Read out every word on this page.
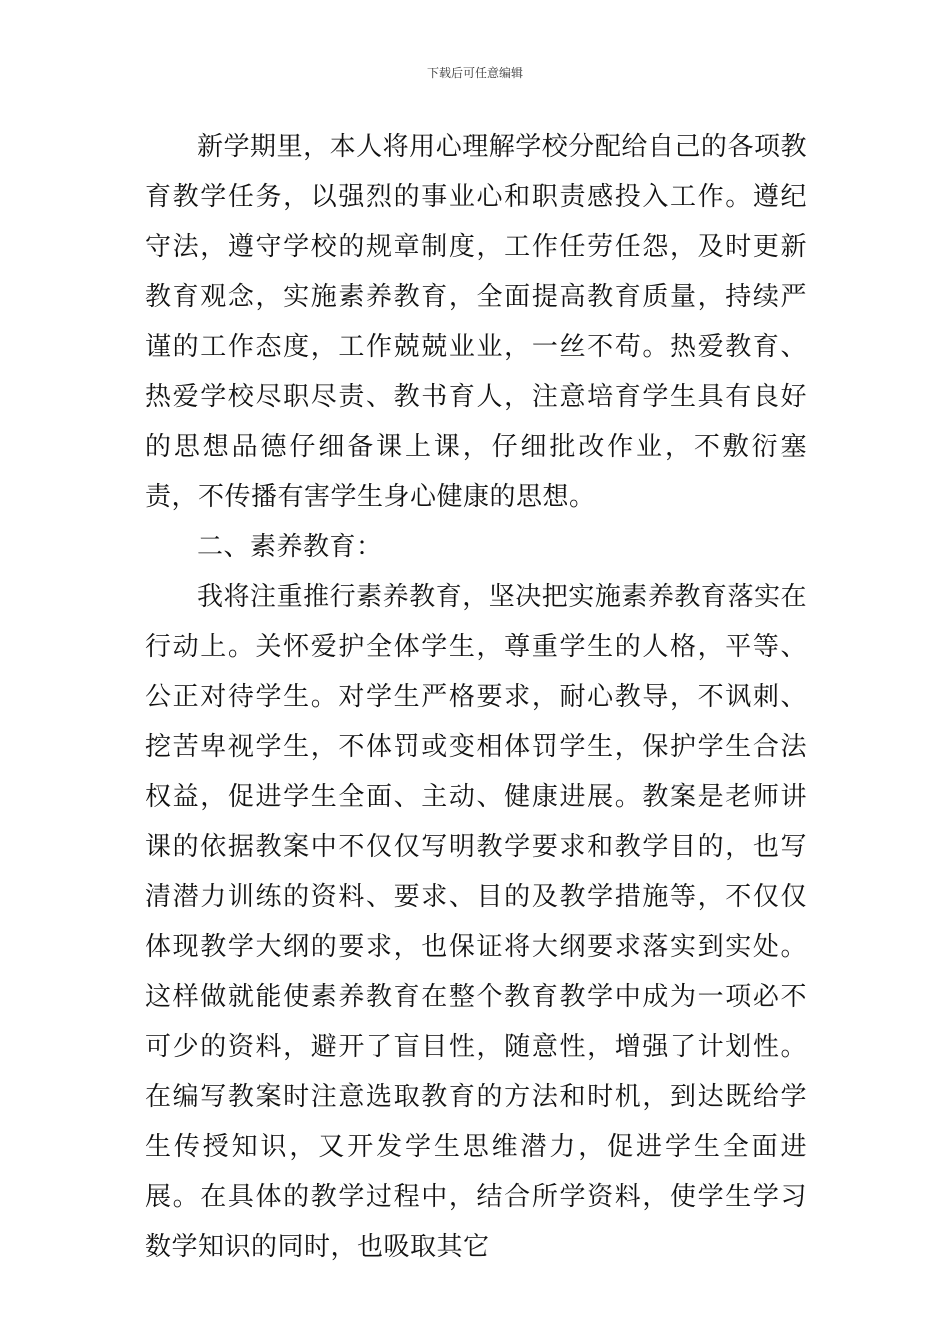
下载后可任意编辑

新学期里，本人将用心理解学校分配给自己的各项教育教学任务，以强烈的事业心和职责感投入工作。遵纪守法，遵守学校的规章制度，工作任劳任怨，及时更新教育观念，实施素养教育，全面提高教育质量，持续严谨的工作态度，工作兢兢业业，一丝不苟。热爱教育、热爱学校尽职尽责、教书育人，注意培育学生具有良好的思想品德仔细备课上课，仔细批改作业，不敷衍塞责，不传播有害学生身心健康的思想。

二、素养教育：

我将注重推行素养教育，坚决把实施素养教育落实在行动上。关怀爱护全体学生，尊重学生的人格，平等、公正对待学生。对学生严格要求，耐心教导，不讽刺、挖苦卑视学生，不体罚或变相体罚学生，保护学生合法权益，促进学生全面、主动、健康进展。教案是老师讲课的依据教案中不仅仅写明教学要求和教学目的，也写清潜力训练的资料、要求、目的及教学措施等，不仅仅体现教学大纲的要求，也保证将大纲要求落实到实处。这样做就能使素养教育在整个教育教学中成为一项必不可少的资料，避开了盲目性，随意性，增强了计划性。在编写教案时注意选取教育的方法和时机，到达既给学生传授知识，又开发学生思维潜力，促进学生全面进展。在具体的教学过程中，结合所学资料，使学生学习数学知识的同时，也吸取其它
